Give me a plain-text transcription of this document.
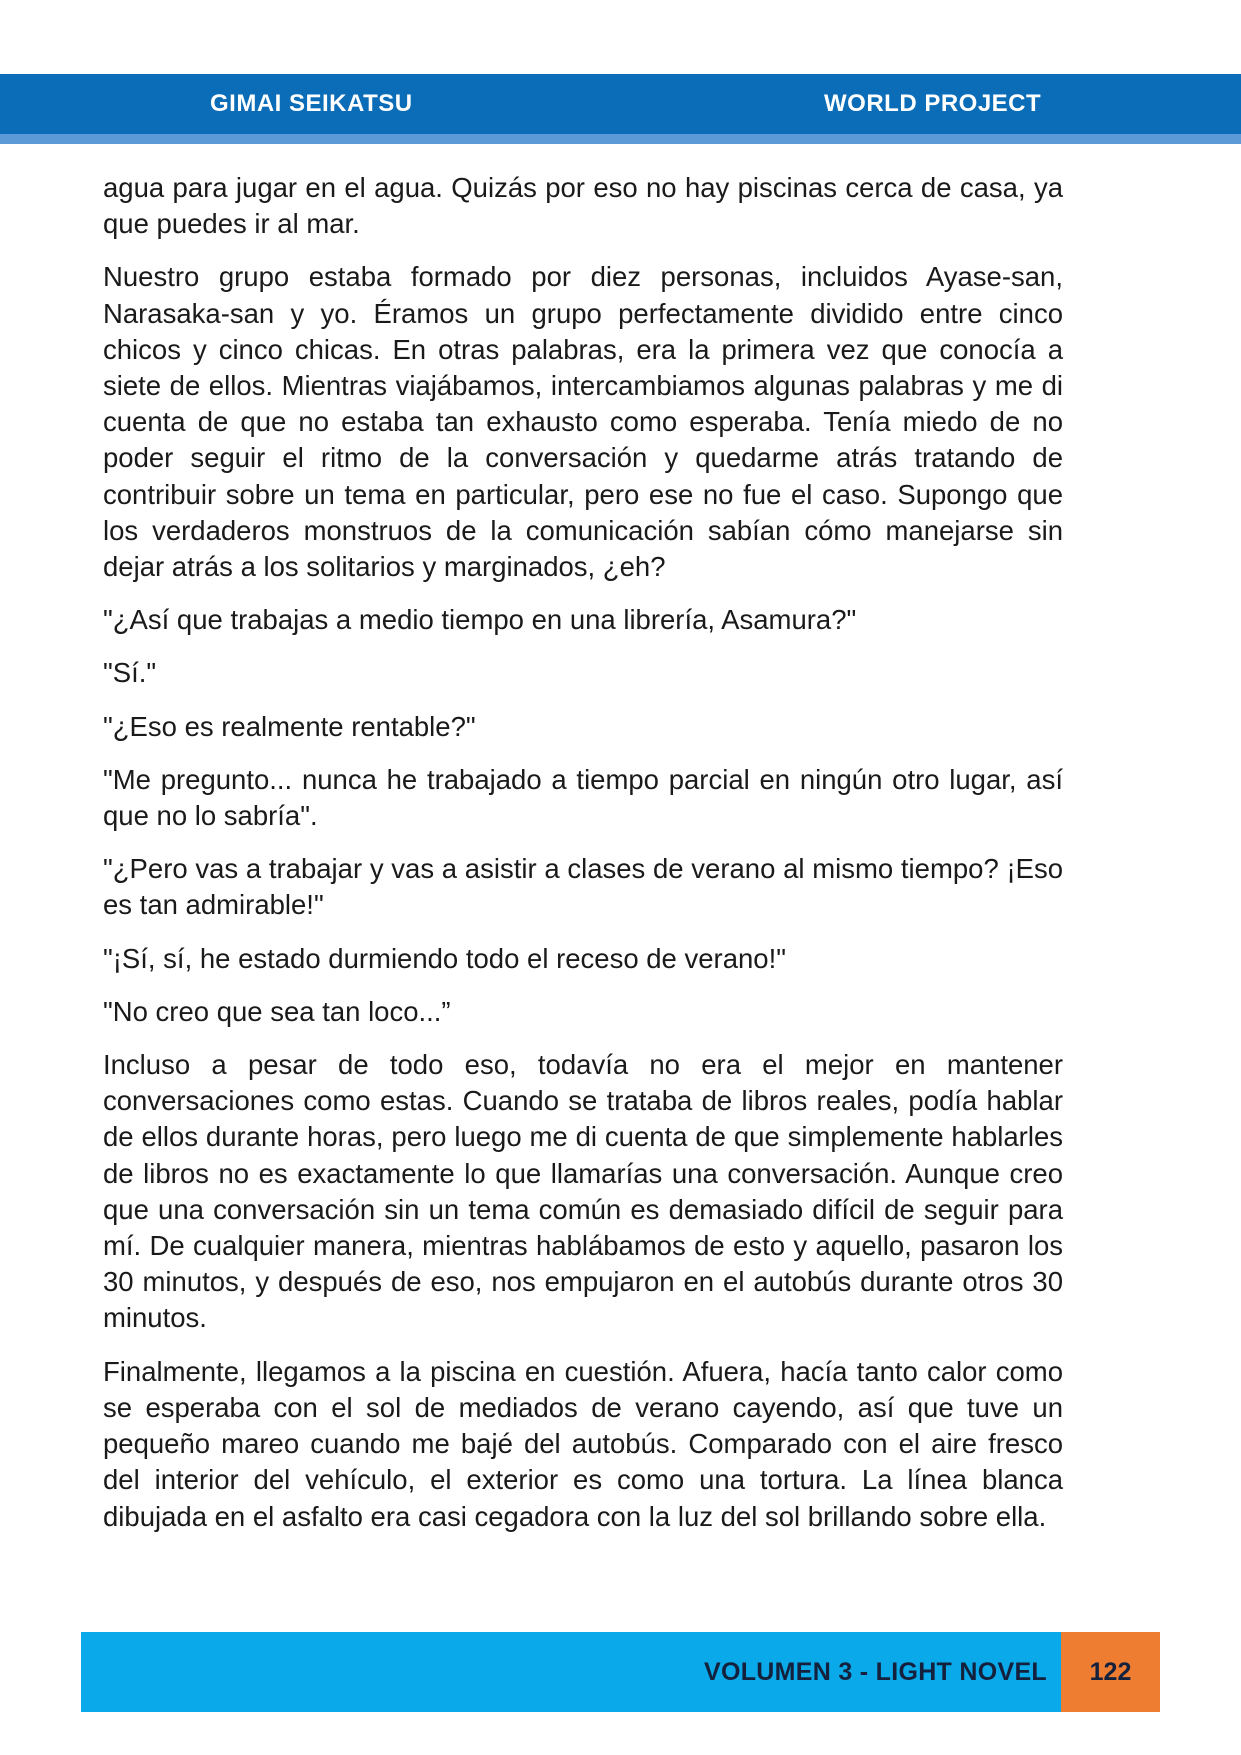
GIMAI SEIKATSU	WORLD PROJECT

agua para jugar en el agua. Quizás por eso no hay piscinas cerca de casa, ya que puedes ir al mar.

Nuestro grupo estaba formado por diez personas, incluidos Ayase-san, Narasaka-san y yo. Éramos un grupo perfectamente dividido entre cinco chicos y cinco chicas. En otras palabras, era la primera vez que conocía a siete de ellos. Mientras viajábamos, intercambiamos algunas palabras y me di cuenta de que no estaba tan exhausto como esperaba. Tenía miedo de no poder seguir el ritmo de la conversación y quedarme atrás tratando de contribuir sobre un tema en particular, pero ese no fue el caso. Supongo que los verdaderos monstruos de la comunicación sabían cómo manejarse sin dejar atrás a los solitarios y marginados, ¿eh?

"¿Así que trabajas a medio tiempo en una librería, Asamura?"

"Sí."

"¿Eso es realmente rentable?"

"Me pregunto... nunca he trabajado a tiempo parcial en ningún otro lugar, así que no lo sabría".

"¿Pero vas a trabajar y vas a asistir a clases de verano al mismo tiempo? ¡Eso es tan admirable!"

"¡Sí, sí, he estado durmiendo todo el receso de verano!"

"No creo que sea tan loco...”

Incluso a pesar de todo eso, todavía no era el mejor en mantener conversaciones como estas. Cuando se trataba de libros reales, podía hablar de ellos durante horas, pero luego me di cuenta de que simplemente hablarles de libros no es exactamente lo que llamarías una conversación. Aunque creo que una conversación sin un tema común es demasiado difícil de seguir para mí. De cualquier manera, mientras hablábamos de esto y aquello, pasaron los 30 minutos, y después de eso, nos empujaron en el autobús durante otros 30 minutos.

Finalmente, llegamos a la piscina en cuestión. Afuera, hacía tanto calor como se esperaba con el sol de mediados de verano cayendo, así que tuve un pequeño mareo cuando me bajé del autobús. Comparado con el aire fresco del interior del vehículo, el exterior es como una tortura. La línea blanca dibujada en el asfalto era casi cegadora con la luz del sol brillando sobre ella.

VOLUMEN 3 - LIGHT NOVEL	122
